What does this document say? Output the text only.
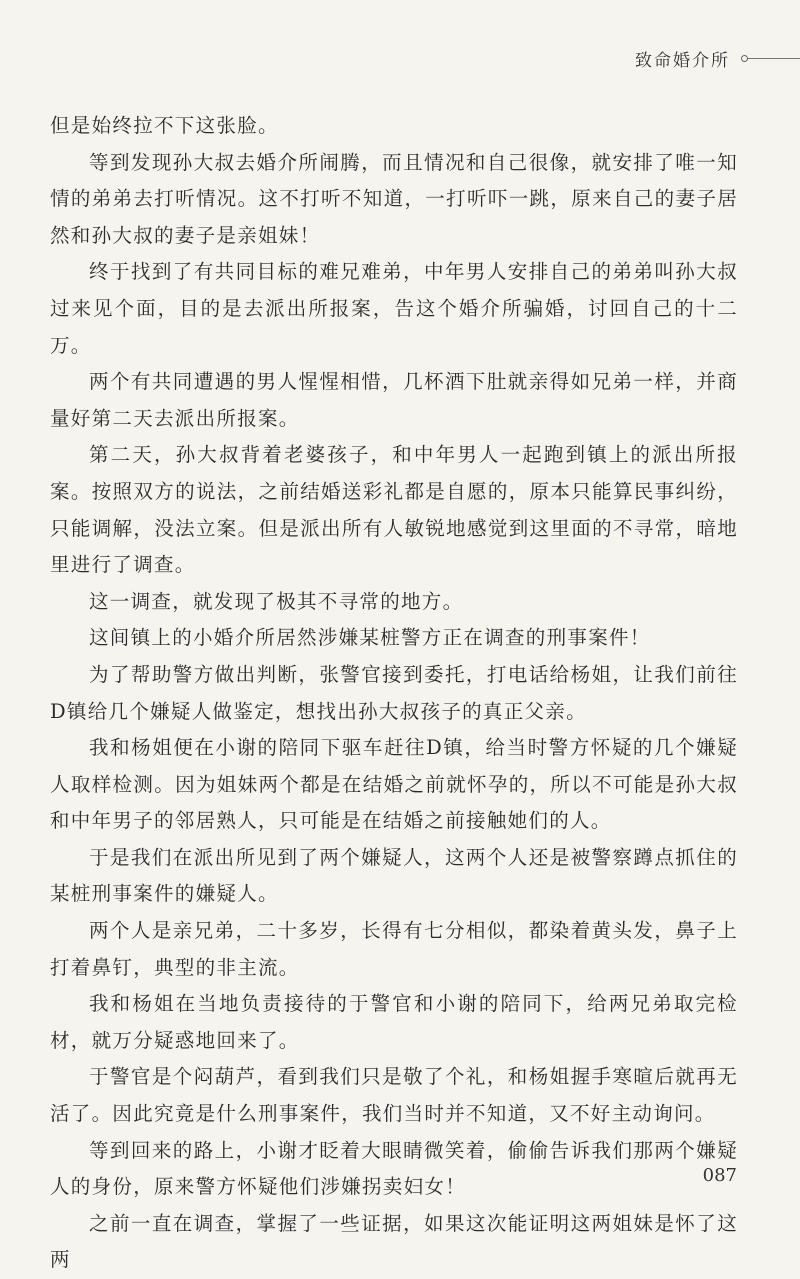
致命婚介所

但是始终拉不下这张脸。

等到发现孙大叔去婚介所闹腾，而且情况和自己很像，就安排了唯一知情的弟弟去打听情况。这不打听不知道，一打听吓一跳，原来自己的妻子居然和孙大叔的妻子是亲姐妹！

终于找到了有共同目标的难兄难弟，中年男人安排自己的弟弟叫孙大叔过来见个面，目的是去派出所报案，告这个婚介所骗婚，讨回自己的十二万。

两个有共同遭遇的男人惺惺相惜，几杯酒下肚就亲得如兄弟一样，并商量好第二天去派出所报案。

第二天，孙大叔背着老婆孩子，和中年男人一起跑到镇上的派出所报案。按照双方的说法，之前结婚送彩礼都是自愿的，原本只能算民事纠纷，只能调解，没法立案。但是派出所有人敏锐地感觉到这里面的不寻常，暗地里进行了调查。

这一调查，就发现了极其不寻常的地方。

这间镇上的小婚介所居然涉嫌某桩警方正在调查的刑事案件！

为了帮助警方做出判断，张警官接到委托，打电话给杨姐，让我们前往D镇给几个嫌疑人做鉴定，想找出孙大叔孩子的真正父亲。

我和杨姐便在小谢的陪同下驱车赶往D镇，给当时警方怀疑的几个嫌疑人取样检测。因为姐妹两个都是在结婚之前就怀孕的，所以不可能是孙大叔和中年男子的邻居熟人，只可能是在结婚之前接触她们的人。

于是我们在派出所见到了两个嫌疑人，这两个人还是被警察蹲点抓住的某桩刑事案件的嫌疑人。

两个人是亲兄弟，二十多岁，长得有七分相似，都染着黄头发，鼻子上打着鼻钉，典型的非主流。

我和杨姐在当地负责接待的于警官和小谢的陪同下，给两兄弟取完检材，就万分疑惑地回来了。

于警官是个闷葫芦，看到我们只是敬了个礼，和杨姐握手寒暄后就再无活了。因此究竟是什么刑事案件，我们当时并不知道，又不好主动询问。

等到回来的路上，小谢才眨着大眼睛微笑着，偷偷告诉我们那两个嫌疑人的身份，原来警方怀疑他们涉嫌拐卖妇女！

之前一直在调查，掌握了一些证据，如果这次能证明这两姐妹是怀了这两

087
